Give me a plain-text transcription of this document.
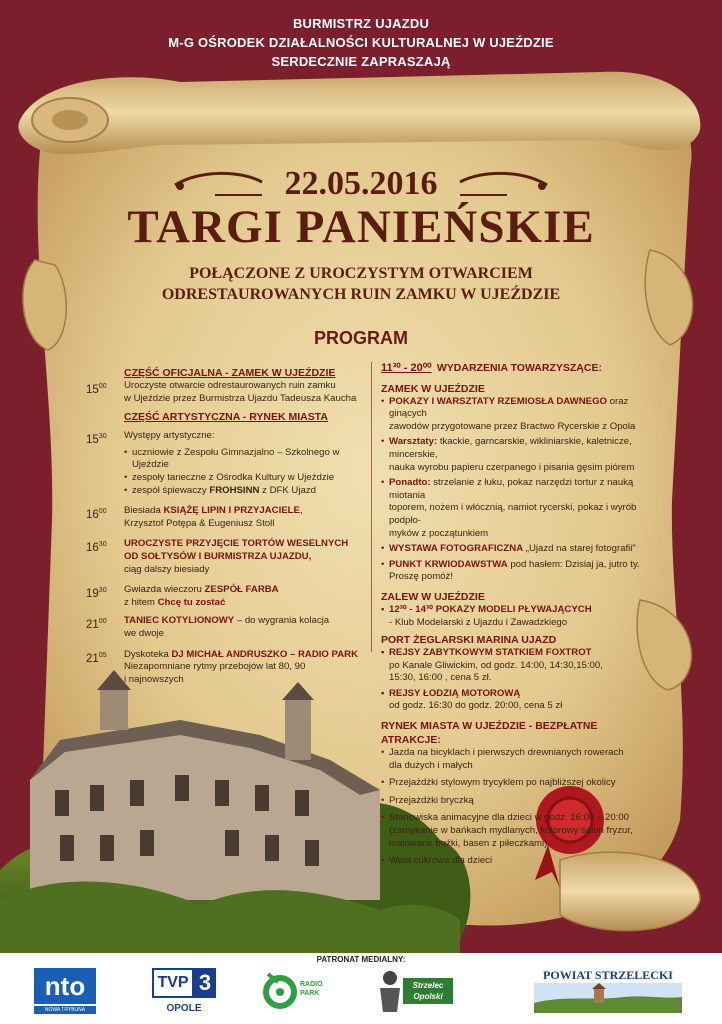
BURMISTRZ UJAZDU
M-G OŚRODEK DZIAŁALNOŚCI KULTURALNEJ W UJEŹDZIE
SERDECZNIE ZAPRASZAJĄ
22.05.2016
TARGI PANIEŃSKIE
POŁĄCZONE Z UROCZYSTYM OTWARCIEM
ODRESTAUROWANYCH RUIN ZAMKU W UJEŹDZIE
PROGRAM
CZĘŚĆ OFICJALNA - ZAMEK W UJEŹDZIE
$15^{00}$	Uroczyste otwarcie odrestaurowanych ruin zamku
w Ujeździe przez Burmistrza Ujazdu Tadeusza Kaucha
CZĘŚĆ ARTYSTYCZNA - RYNEK MIASTA
$15^{30}$	Występy artystyczne:
• uczniowie z Zespołu Gimnazjalno – Szkolnego w Ujeździe
• zespoły taneczne z Ośrodka Kultury w Ujeździe
• zespół śpiewaczy FROHSINN z DFK Ujazd
$16^{00}$	Biesiada KSIĄŻĘ LIPIN I PRZYJACIELE,
Krzysztof Potępa & Eugeniusz Stoll
$16^{30}$	UROCZYSTE PRZYJĘCIE TORTÓW WESELNYCH
OD SOŁTYSÓW I BURMISTRZA UJAZDU,
ciąg dalszy biesiady
$19^{30}$	Gwiazda wieczoru ZESPÓŁ FARBA
z hitem Chcę tu zostać
$21^{00}$	TANIEC KOTYLIONOWY – do wygrania kolacja
we dwoje
$21^{05}$	Dyskoteka DJ MICHAŁ ANDRUSZKO – RADIO PARK
Niezapomniane rytmy przebojów lat 80, 90
i najnowszych
11³⁰ - 20⁰⁰ WYDARZENIA TOWARZYSZĄCE:
ZAMEK W UJEŹDZIE
• POKAZY I WARSZTATY RZEMIOSŁA DAWNEGO oraz ginących
zawodów przygotowane przez Bractwo Rycerskie z Opola
• Warsztaty: tkackie, garncarskie, wikliniarskie, kaletnicze, mincerskie,
nauka wyrobu papieru czerpanego i pisania gęsim piórem
• Ponadto: strzelanie z łuku, pokaz narzędzi tortur z nauką miotania
toporem, nożem i włócznią, namiot rycerski, pokaz i wyrób podpło-
myków z początunkiem
• WYSTAWA FOTOGRAFICZNA „Ujazd na starej fotografii"
• PUNKT KRWIODAWSTWA pod hasłem: Dzisiaj ja, jutro ty.
Proszę pomóż!
ZALEW W UJEŹDZIE
• 12³⁰ - 14³⁰ POKAZY MODELI PŁYWAJĄCYCH
- Klub Modelarski z Ujazdu i Zawadzkiego
PORT ŻEGLARSKI MARINA UJAZD
• REJSY ZABYTKOWYM STATKIEM FOXTROT
po Kanale Gliwickim, od godz. 14:00, 14:30,15:00,
15:30, 16:00 , cena 5 zł.
• REJSY ŁODZIĄ MOTOROWĄ
od godz. 16:30 do godz. 20:00, cena 5 zł
RYNEK MIASTA W UJEŹDZIE - BEZPŁATNE ATRAKCJE:
• Jazda na bicyklach i pierwszych drewnianych rowerach
dla dużych i małych
• Przejażdżki stylowym trycyklem po najbliższej okolicy
• Przejażdżki bryczką
• Stanowiska animacyjne dla dzieci w godz. 16:00 – 20:00
(zamykanie w bańkach mydlanych, kolorowy salon fryzur,
malowane buźki, basen z piłeczkami)
• Wata cukrowa dla dzieci
PATRONAT MEDIALNY:
nto
NOWA TRYBUNA OPOLSKA
TVP 3
OPOLE
RADIO
PARK
Strzelec Opolski
POWIAT STRZELECKI
